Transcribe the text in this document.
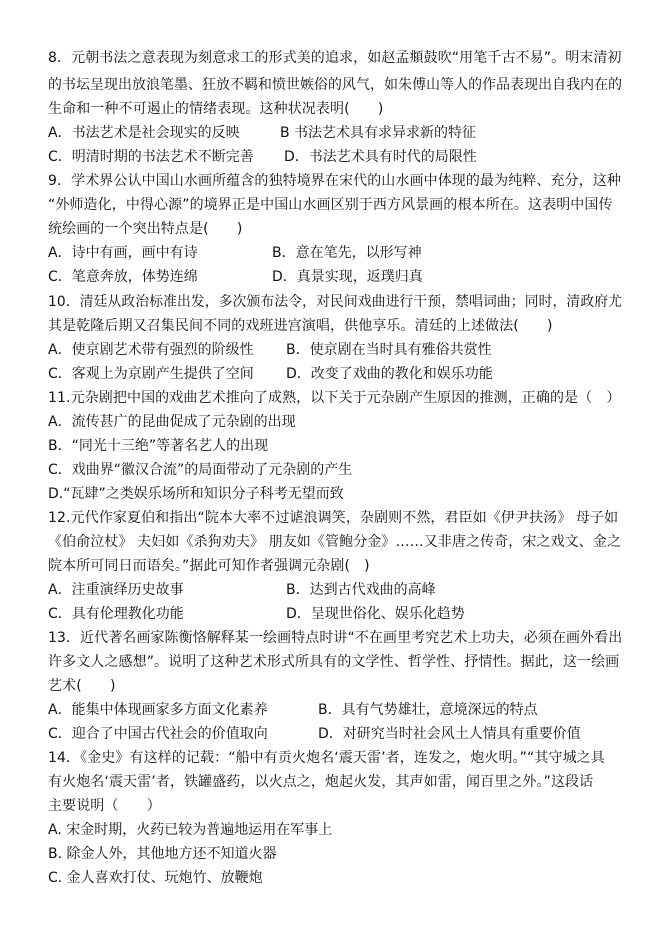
8．元朝书法之意表现为刻意求工的形式美的追求，如赵孟頫鼓吹“用笔千古不易”。明末清初
的书坛呈现出放浪笔墨、狂放不羁和愤世嫉俗的风气，如朱傅山等人的作品表现出自我内在的
生命和一种不可遏止的情绪表现。这种状况表明(　　)
A．书法艺术是社会现实的反映	B 书法艺术具有求异求新的特征
C．明清时期的书法艺术不断完善 D．书法艺术具有时代的局限性
9．学术界公认中国山水画所蕴含的独特境界在宋代的山水画中体现的最为纯粹、充分，这种
“外师造化，中得心源”的境界正是中国山水画区别于西方风景画的根本所在。这表明中国传
统绘画的一个突出特点是(　　)
A．诗中有画，画中有诗	B．意在笔先，以形写神
C．笔意奔放，体势连绵	D．真景实现，返璞归真
10．清廷从政治标准出发，多次颁布法令，对民间戏曲进行干预，禁唱词曲；同时，清政府尤
其是乾隆后期又召集民间不同的戏班进宫演唱，供他享乐。清廷的上述做法(　　)
A．使京剧艺术带有强烈的阶级性 B．使京剧在当时具有雅俗共赏性
C．客观上为京剧产生提供了空间 D．改变了戏曲的教化和娱乐功能
11.元杂剧把中国的戏曲艺术推向了成熟，以下关于元杂剧产生原因的推测，正确的是（　）
A．流传甚广的昆曲促成了元杂剧的出现
B．“同光十三绝”等著名艺人的出现
C．戏曲界“徽汉合流”的局面带动了元杂剧的产生
D.“瓦肆”之类娱乐场所和知识分子科考无望而致
12.元代作家夏伯和指出“院本大率不过谑浪调笑，杂剧则不然，君臣如《伊尹扶汤》 母子如
《伯俞泣杖》 夫妇如《杀狗劝夫》 朋友如《管鲍分金》……又非唐之传奇，宋之戏文、金之
院本所可同日而语矣。”据此可知作者强调元杂剧(　)
A．注重演绎历史故事	B．达到古代戏曲的高峰
C．具有伦理教化功能	D．呈现世俗化、娱乐化趋势
13．近代著名画家陈衡恪解释某一绘画特点时讲“不在画里考究艺术上功夫，必须在画外看出
许多文人之感想”。说明了这种艺术形式所具有的文学性、哲学性、抒情性。据此，这一绘画
艺术(　　)
A．能集中体现画家多方面文化素养	B．具有气势雄壮，意境深远的特点
C．迎合了中国古代社会的价值取向	D．对研究当时社会风土人情具有重要价值
14．《金史》有这样的记载：“船中有贡火炮名‘震天雷’者，连发之，炮火明。”“其守城之具
有火炮名‘震天雷’者，铁罐盛药，以火点之，炮起火发，其声如雷，闻百里之外。”这段话
主要说明（　　）
A. 宋金时期，火药已较为普遍地运用在军事上
B. 除金人外，其他地方还不知道火器
C. 金人喜欢打仗、玩炮竹、放鞭炮
